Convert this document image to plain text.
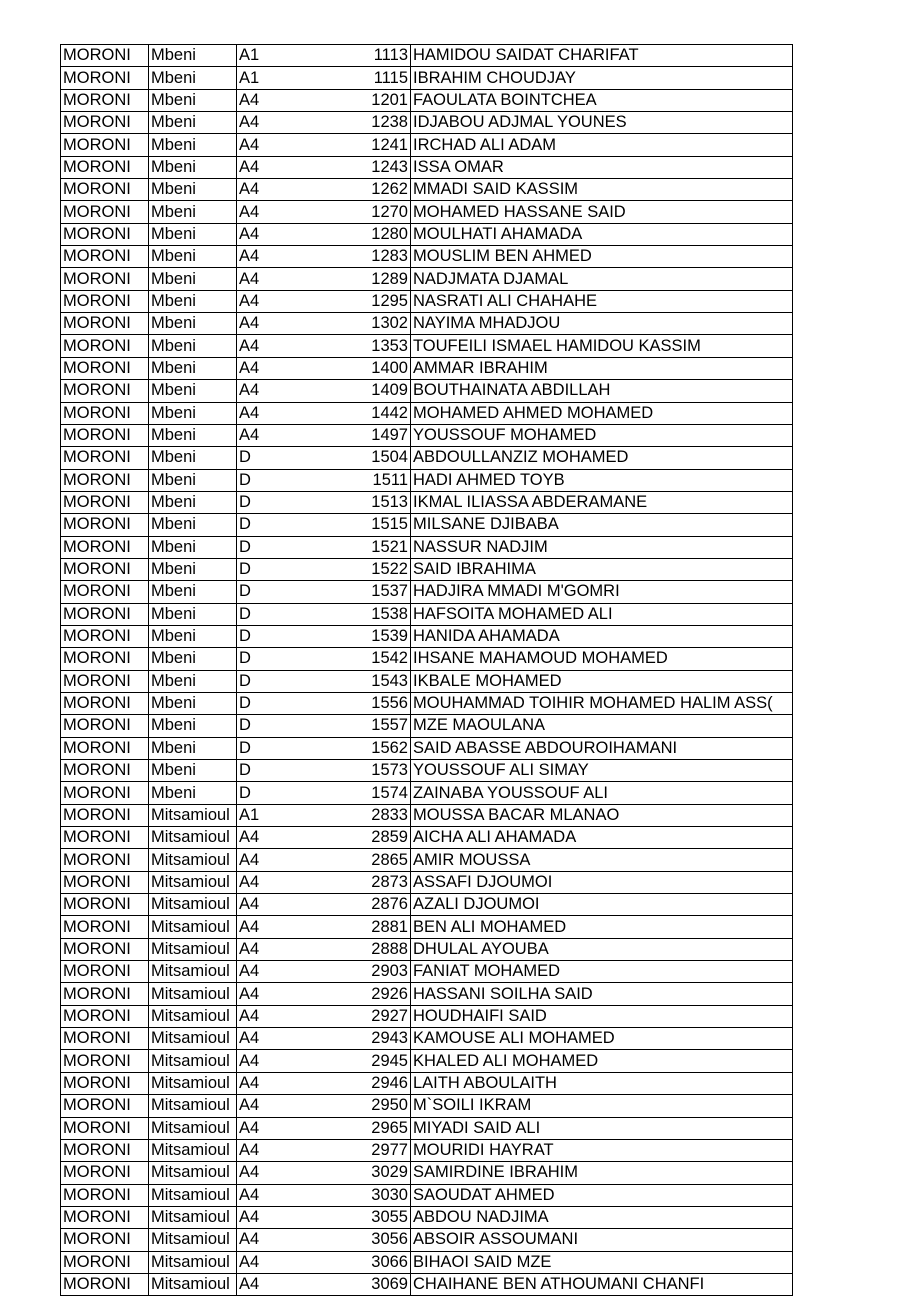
MORONI	Mbeni	A1	1113	HAMIDOU SAIDAT CHARIFAT
MORONI	Mbeni	A1	1115	IBRAHIM CHOUDJAY
MORONI	Mbeni	A4	1201	FAOULATA BOINTCHEA
MORONI	Mbeni	A4	1238	IDJABOU ADJMAL YOUNES
MORONI	Mbeni	A4	1241	IRCHAD ALI ADAM
MORONI	Mbeni	A4	1243	ISSA OMAR
MORONI	Mbeni	A4	1262	MMADI SAID KASSIM
MORONI	Mbeni	A4	1270	MOHAMED HASSANE SAID
MORONI	Mbeni	A4	1280	MOULHATI AHAMADA
MORONI	Mbeni	A4	1283	MOUSLIM BEN AHMED
MORONI	Mbeni	A4	1289	NADJMATA DJAMAL
MORONI	Mbeni	A4	1295	NASRATI ALI CHAHAHE
MORONI	Mbeni	A4	1302	NAYIMA MHADJOU
MORONI	Mbeni	A4	1353	TOUFEILI ISMAEL HAMIDOU KASSIM
MORONI	Mbeni	A4	1400	AMMAR IBRAHIM
MORONI	Mbeni	A4	1409	BOUTHAINATA ABDILLAH
MORONI	Mbeni	A4	1442	MOHAMED AHMED MOHAMED
MORONI	Mbeni	A4	1497	YOUSSOUF MOHAMED
MORONI	Mbeni	D	1504	ABDOULLANZIZ MOHAMED
MORONI	Mbeni	D	1511	HADI AHMED TOYB
MORONI	Mbeni	D	1513	IKMAL ILIASSA ABDERAMANE
MORONI	Mbeni	D	1515	MILSANE DJIBABA
MORONI	Mbeni	D	1521	NASSUR NADJIM
MORONI	Mbeni	D	1522	SAID IBRAHIMA
MORONI	Mbeni	D	1537	HADJIRA MMADI M'GOMRI
MORONI	Mbeni	D	1538	HAFSOITA MOHAMED ALI
MORONI	Mbeni	D	1539	HANIDA AHAMADA
MORONI	Mbeni	D	1542	IHSANE MAHAMOUD MOHAMED
MORONI	Mbeni	D	1543	IKBALE MOHAMED
MORONI	Mbeni	D	1556	MOUHAMMAD TOIHIR MOHAMED HALIM ASS(
MORONI	Mbeni	D	1557	MZE MAOULANA
MORONI	Mbeni	D	1562	SAID ABASSE ABDOUROIHAMANI
MORONI	Mbeni	D	1573	YOUSSOUF ALI SIMAY
MORONI	Mbeni	D	1574	ZAINABA YOUSSOUF ALI
MORONI	Mitsamioul	A1	2833	MOUSSA BACAR MLANAO
MORONI	Mitsamioul	A4	2859	AICHA ALI AHAMADA
MORONI	Mitsamioul	A4	2865	AMIR MOUSSA
MORONI	Mitsamioul	A4	2873	ASSAFI DJOUMOI
MORONI	Mitsamioul	A4	2876	AZALI DJOUMOI
MORONI	Mitsamioul	A4	2881	BEN ALI MOHAMED
MORONI	Mitsamioul	A4	2888	DHULAL AYOUBA
MORONI	Mitsamioul	A4	2903	FANIAT MOHAMED
MORONI	Mitsamioul	A4	2926	HASSANI SOILHA SAID
MORONI	Mitsamioul	A4	2927	HOUDHAIFI SAID
MORONI	Mitsamioul	A4	2943	KAMOUSE ALI MOHAMED
MORONI	Mitsamioul	A4	2945	KHALED ALI MOHAMED
MORONI	Mitsamioul	A4	2946	LAITH ABOULAITH
MORONI	Mitsamioul	A4	2950	M`SOILI IKRAM
MORONI	Mitsamioul	A4	2965	MIYADI SAID ALI
MORONI	Mitsamioul	A4	2977	MOURIDI HAYRAT
MORONI	Mitsamioul	A4	3029	SAMIRDINE IBRAHIM
MORONI	Mitsamioul	A4	3030	SAOUDAT AHMED
MORONI	Mitsamioul	A4	3055	ABDOU NADJIMA
MORONI	Mitsamioul	A4	3056	ABSOIR ASSOUMANI
MORONI	Mitsamioul	A4	3066	BIHAOI SAID MZE
MORONI	Mitsamioul	A4	3069	CHAIHANE BEN ATHOUMANI CHANFI
